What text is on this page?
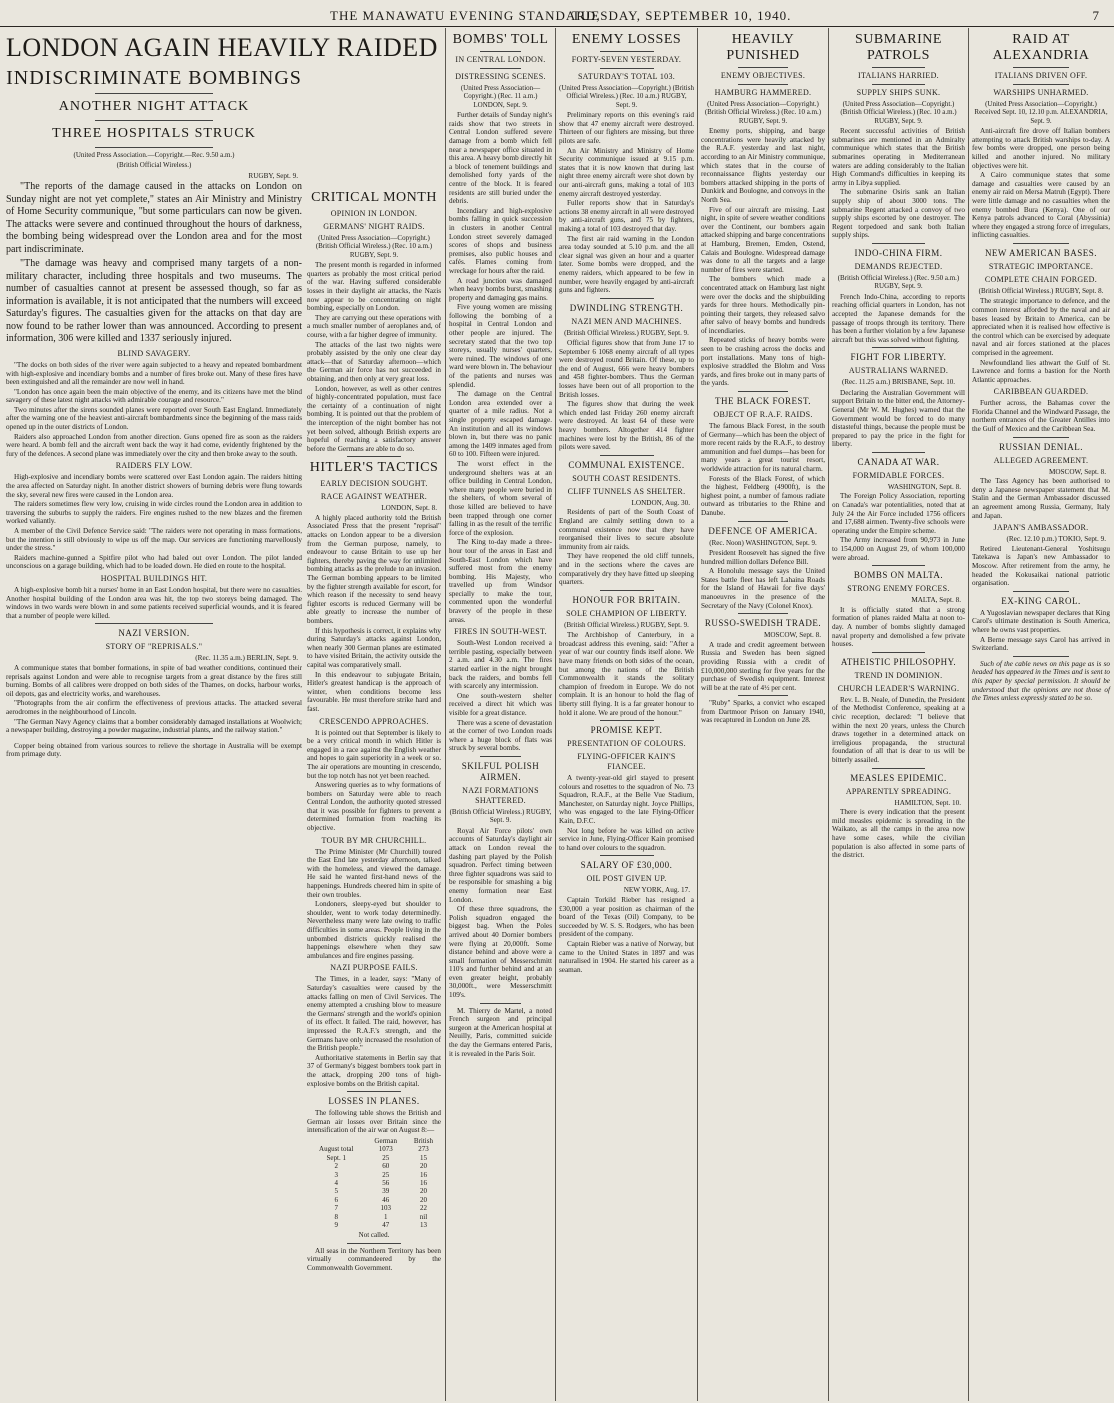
THE MANAWATU EVENING STANDARD,
TUESDAY, SEPTEMBER 10, 1940.	7
LONDON AGAIN HEAVILY RAIDED
INDISCRIMINATE BOMBINGS
ANOTHER NIGHT ATTACK
THREE HOSPITALS STRUCK
(United Press Association.—Copyright.—Rec. 9.50 a.m.)
(British Official Wireless.)
RUGBY, Sept. 9.

"The reports of the damage caused in the attacks on London on Sunday night are not yet complete," states an Air Ministry and Ministry of Home Security communique, "but some particulars can now be given. The attacks were severe and continued throughout the hours of darkness, the bombing being widespread over the London area and for the most part indiscriminate.

"The damage was heavy and comprised many targets of a non-military character, including three hospitals and two museums. The number of casualties cannot at present be assessed though, so far as information is available, it is not anticipated that the numbers will exceed Saturday's figures. The casualties given for the attacks on that day are now found to be rather lower than was announced. According to present information, 306 were killed and 1337 seriously injured.

BLIND SAVAGERY.

"The docks on both sides of the river were again subjected to a heavy and repeated bombardment with high-explosive and incendiary bombs and a number of fires broke out. Many of these fires have been extinguished and all the remainder are now well in hand.

"London has once again been the main objective of the enemy, and its citizens have met the blind savagery of these latest night attacks with admirable courage and resource."

Two minutes after the sirens sounded planes were reported over South East England. Immediately after the warning one of the heaviest anti-aircraft bombardments since the beginning of the mass raids opened up in the outer districts of London.

Raiders also approached London from another direction. Guns opened fire as soon as the raiders were heard. A bomb fell and the aircraft went back the way it had come, evidently frightened by the fury of the defences. A second plane was immediately over the city and then broke away to the south.

RAIDERS FLY LOW.

High-explosive and incendiary bombs were scattered over East London again. The raiders hitting the area affected on Saturday night. In another district showers of burning debris were flung towards the sky, several new fires were caused in the London area.

The raiders sometimes flew very low, cruising in wide circles round the London area in addition to traversing the suburbs to supply the raiders. Fire engines rushed to the new blazes and the firemen worked valiantly.

A member of the Civil Defence Service said: "The raiders were not operating in mass formations, but the intention is still obviously to wipe us off the map. Our services are functioning marvellously under the stress."

Raiders machine-gunned a Spitfire pilot who had baled out over London. The pilot landed unconscious on a garage building, which had to be loaded down. He died en route to the hospital.

HOSPITAL BUILDINGS HIT.

A high-explosive bomb hit a nurses' home in an East London hospital, but there were no casualties. Another hospital building of the London area was hit, the top two storeys being damaged. The windows in two wards were blown in and some patients received superficial wounds, and it is feared that a number of people were killed.

NAZI VERSION.
STORY OF "REPRISALS."
(Rec. 11.35 a.m.) BERLIN, Sept. 9.

A communique states that bomber formations, in spite of bad weather conditions, continued their reprisals against London and were able to recognise targets from a great distance by the fires still burning. Bombs of all calibres were dropped on both sides of the Thames, on docks, harbour works, oil depots, gas and electricity works, and warehouses.

"Photographs from the air confirm the effectiveness of previous attacks. The attacked several aerodromes in the neighbourhood of Lincoln.

"The German Navy Agency claims that a bomber considerably damaged installations at Woolwich; a newspaper building, destroying a powder magazine, industrial plants, and the railway station."

Copper being obtained from various sources to relieve the shortage in Australia will be exempt from primage duty.

CRITICAL MONTH
OPINION IN LONDON.
GERMANS' NIGHT RAIDS.
(United Press Association—Copyright.) (British Official Wireless.) (Rec. 10 a.m.) RUGBY, Sept. 9.

The present month is regarded in informed quarters as probably the most critical period of the war. Having suffered considerable losses in their daylight air attacks, the Nazis now appear to be concentrating on night bombing, especially on London.

They are carrying out these operations with a much smaller number of aeroplanes and, of course, with a far higher degree of immunity.

The attacks of the last two nights were probably assisted by the only one clear day attack—that of Saturday afternoon—which the German air force has not succeeded in obtaining, and then only at very great loss.

London, however, as well as other centres of highly-concentrated population, must face the certainty of a continuation of night bombing. It is pointed out that the problem of the interception of the night bomber has not yet been solved, although British experts are hopeful of reaching a satisfactory answer before the Germans are able to do so.

HITLER'S TACTICS
EARLY DECISION SOUGHT.
RACE AGAINST WEATHER.
LONDON, Sept. 8.

A highly placed authority told the British Associated Press that the present "reprisal" attacks on London appear to be a diversion from the German purpose, namely, to endeavour to cause Britain to use up her fighters, thereby paving the way for unlimited bombing attacks as the prelude to an invasion. The German bombing appears to be limited by the fighter strength available for escort, for which reason if the necessity to send heavy fighter escorts is reduced Germany will be able greatly to increase the number of bombers.

If this hypothesis is correct, it explains why during Saturday's attacks against London, when nearly 300 German planes are estimated to have visited Britain, the activity outside the capital was comparatively small.

In this endeavour to subjugate Britain, Hitler's greatest handicap is the approach of winter, when conditions become less favourable. He must therefore strike hard and fast.

CRESCENDO APPROACHES.

It is pointed out that September is likely to be a very critical month in which Hitler is engaged in a race against the English weather and hopes to gain superiority in a week or so. The air operations are mounting in crescendo, but the top notch has not yet been reached.

Answering queries as to why formations of bombers on Saturday were able to reach Central London, the authority quoted stressed that it was possible for fighters to prevent a determined formation from reaching its objective.

TOUR BY MR CHURCHILL.

The Prime Minister (Mr Churchill) toured the East End late yesterday afternoon, talked with the homeless, and viewed the damage. He said he wanted first-hand news of the happenings. Hundreds cheered him in spite of their own troubles.

Londoners, sleepy-eyed but shoulder to shoulder, went to work today determinedly. Nevertheless many were late owing to traffic difficulties in some areas. People living in the unbombed districts quickly realised the happenings elsewhere when they saw ambulances and fire engines passing.

NAZI PURPOSE FAILS.

The Times, in a leader, says: "Many of Saturday's casualties were caused by the attacks falling on men of Civil Services. The enemy attempted a crushing blow to measure the Germans' strength and the world's opinion of its effect. It failed. The raid, however, has impressed the R.A.F.'s strength, and the Germans have only increased the resolution of the British people."

Authoritative statements in Berlin say that 37 of Germany's biggest bombers took part in the attack, dropping 200 tons of high-explosive bombs on the British capital.

LOSSES IN PLANES.

The following table shows the British and German air losses over Britain since the intensification of the air war on August 8:—

	German	British
August total	1073	273
Sept. 1	25	15
2	60	20
3	25	16
4	56	16
5	39	20
6	46	20
7	103	22
8	1	nil
9	47	13
Not called.

All seas in the Northern Territory has been virtually commandeered by the Commonwealth Government.

BOMBS' TOLL
IN CENTRAL LONDON.
DISTRESSING SCENES.
(United Press Association—Copyright.) (Rec. 11 a.m.) LONDON, Sept. 9.

Further details of Sunday night's raids show that two streets in Central London suffered severe damage from a bomb which fell near a newspaper office situated in this area. A heavy bomb directly hit a block of tenement buildings and demolished forty yards of the centre of the block. It is feared residents are still buried under the debris.

Incendiary and high-explosive bombs falling in quick succession in clusters in another Central London street severely damaged scores of shops and business premises, also public houses and cafés. Flames coming from wreckage for hours after the raid.

A road junction was damaged when heavy bombs burst, smashing property and damaging gas mains.

Five young women are missing following the bombing of a hospital in Central London and other people are injured. The secretary stated that the two top storeys, usually nurses' quarters, were ruined. The windows of one ward were blown in. The behaviour of the patients and nurses was splendid.

The damage on the Central London area extended over a quarter of a mile radius. Not a single property escaped damage. An institution and all its windows blown in, but there was no panic among the 1409 inmates aged from 60 to 100. Fifteen were injured.

The worst effect in the underground shelters was at an office building in Central London, where many people were buried in the shelters, of whom several of those killed are believed to have been trapped through one corner falling in as the result of the terrific force of the explosion.

The King to-day made a three-hour tour of the areas in East and South-East London which have suffered most from the enemy bombing. His Majesty, who travelled up from Windsor specially to make the tour, commented upon the wonderful bravery of the people in these areas.

FIRES IN SOUTH-WEST.

South-West London received a terrible pasting, especially between 2 a.m. and 4.30 a.m. The fires started earlier in the night brought back the raiders, and bombs fell with scarcely any intermission.

One south-western shelter received a direct hit which was visible for a great distance.

There was a scene of devastation at the corner of two London roads where a huge block of flats was struck by several bombs.

SKILFUL POLISH AIRMEN.
NAZI FORMATIONS SHATTERED.
(British Official Wireless.) RUGBY, Sept. 9.

Royal Air Force pilots' own accounts of Saturday's daylight air attack on London reveal the dashing part played by the Polish squadron. Perfect timing between three fighter squadrons was said to be responsible for smashing a big enemy formation near East London.

Of these three squadrons, the Polish squadron engaged the biggest bag. When the Poles arrived about 40 Dornier bombers were flying at 20,000ft. Some distance behind and above were a small formation of Messerschmitt 110's and further behind and at an even greater height, probably 30,000ft., were Messerschmitt 109's.

M. Thierry de Martel, a noted French surgeon and principal surgeon at the American hospital at Neuilly, Paris, committed suicide the day the Germans entered Paris, it is revealed in the Paris Soir.

ENEMY LOSSES
FORTY-SEVEN YESTERDAY.
SATURDAY'S TOTAL 103.
(United Press Association—Copyright.) (British Official Wireless.) (Rec. 10 a.m.) RUGBY, Sept. 9.

Preliminary reports on this evening's raid show that 47 enemy aircraft were destroyed. Thirteen of our fighters are missing, but three pilots are safe.

An Air Ministry and Ministry of Home Security communique issued at 9.15 p.m. states that it is now known that during last night three enemy aircraft were shot down by our anti-aircraft guns, making a total of 103 enemy aircraft destroyed yesterday.

Fuller reports show that in Saturday's actions 38 enemy aircraft in all were destroyed by anti-aircraft guns, and 75 by fighters, making a total of 103 destroyed that day.

The first air raid warning in the London area today sounded at 5.10 p.m. and the all clear signal was given an hour and a quarter later. Some bombs were dropped, and the enemy raiders, which appeared to be few in number, were heavily engaged by anti-aircraft guns and fighters.

DWINDLING STRENGTH.
NAZI MEN AND MACHINES.
(British Official Wireless.) RUGBY, Sept. 9.

Official figures show that from June 17 to September 6 1068 enemy aircraft of all types were destroyed round Britain. Of these, up to the end of August, 666 were heavy bombers and 458 fighter-bombers. Thus the German losses have been out of all proportion to the British losses.

The figures show that during the week which ended last Friday 260 enemy aircraft were destroyed. At least 64 of these were heavy bombers. Altogether 414 fighter machines were lost by the British, 86 of the pilots were saved.

COMMUNAL EXISTENCE.
SOUTH COAST RESIDENTS.
CLIFF TUNNELS AS SHELTER.
LONDON, Aug. 30.

Residents of part of the South Coast of England are calmly settling down to a communal existence now that they have reorganised their lives to secure absolute immunity from air raids.

They have reopened the old cliff tunnels, and in the sections where the caves are comparatively dry they have fitted up sleeping quarters.

HONOUR FOR BRITAIN.
SOLE CHAMPION OF LIBERTY.
(British Official Wireless.) RUGBY, Sept. 9.

The Archbishop of Canterbury, in a broadcast address this evening, said: "After a year of war our country finds itself alone. We have many friends on both sides of the ocean, but among the nations of the British Commonwealth it stands the solitary champion of freedom in Europe. We do not complain. It is an honour to hold the flag of liberty still flying. It is a far greater honour to hold it alone. We are proud of the honour."

PROMISE KEPT.
PRESENTATION OF COLOURS.
FLYING-OFFICER KAIN'S FIANCEE.

A twenty-year-old girl stayed to present colours and rosettes to the squadron of No. 73 Squadron, R.A.F., at the Belle Vue Stadium, Manchester, on Saturday night. Joyce Phillips, who was engaged to the late Flying-Officer Kain, D.F.C.

Not long before he was killed on active service in June, Flying-Officer Kain promised to hand over colours to the squadron.

SALARY OF £30,000.
OIL POST GIVEN UP.
NEW YORK, Aug. 17.

Captain Torkild Rieber has resigned a £30,000 a year position as chairman of the board of the Texas (Oil) Company, to be succeeded by W. S. S. Rodgers, who has been president of the company.

Captain Rieber was a native of Norway, but came to the United States in 1897 and was naturalised in 1904. He started his career as a seaman.

HEAVILY PUNISHED
ENEMY OBJECTIVES.
HAMBURG HAMMERED.
(United Press Association—Copyright.) (British Official Wireless.) (Rec. 10 a.m.) RUGBY, Sept. 9.

Enemy ports, shipping, and barge concentrations were heavily attacked by the R.A.F. yesterday and last night, according to an Air Ministry communique, which states that in the course of reconnaissance flights yesterday our bombers attacked shipping in the ports of Dunkirk and Boulogne, and convoys in the North Sea.

Five of our aircraft are missing. Last night, in spite of severe weather conditions over the Continent, our bombers again attacked shipping and barge concentrations at Hamburg, Bremen, Emden, Ostend, Calais and Boulogne. Widespread damage was done to all the targets and a large number of fires were started.

The bombers which made a concentrated attack on Hamburg last night were over the docks and the shipbuilding yards for three hours. Methodically pin-pointing their targets, they released salvo after salvo of heavy bombs and hundreds of incendiaries.

Repeated sticks of heavy bombs were seen to be crashing across the docks and port installations. Many tons of high-explosive straddled the Blohm and Voss yards, and fires broke out in many parts of the yards.

THE BLACK FOREST.
OBJECT OF R.A.F. RAIDS.

The famous Black Forest, in the south of Germany—which has been the object of more recent raids by the R.A.F., to destroy ammunition and fuel dumps—has been for many years a great tourist resort, worldwide attraction for its natural charm.

Forests of the Black Forest, of which the highest, Feldberg (4900ft), is the highest point, a number of famous radiate outward as tributaries to the Rhine and Danube.

DEFENCE OF AMERICA.
(Rec. Noon) WASHINGTON, Sept. 9.

President Roosevelt has signed the five hundred million dollars Defence Bill.

A Honolulu message says the United States battle fleet has left Lahaina Roads for the Island of Hawaii for five days' manoeuvres in the presence of the Secretary of the Navy (Colonel Knox).

RUSSO-SWEDISH TRADE.
MOSCOW, Sept. 8.

A trade and credit agreement between Russia and Sweden has been signed providing Russia with a credit of £10,000,000 sterling for five years for the purchase of Swedish equipment. Interest will be at the rate of 4½ per cent.

"Ruby" Sparks, a convict who escaped from Dartmoor Prison on January 1940, was recaptured in London on June 28.

SUBMARINE PATROLS
ITALIANS HARRIED.
SUPPLY SHIPS SUNK.
(United Press Association—Copyright.) (British Official Wireless.) (Rec. 10 a.m.) RUGBY, Sept. 9.

Recent successful activities of British submarines are mentioned in an Admiralty communique which states that the British submarines operating in Mediterranean waters are adding considerably to the Italian High Command's difficulties in keeping its army in Libya supplied.

The submarine Osiris sank an Italian supply ship of about 3000 tons. The submarine Regent attacked a convoy of two supply ships escorted by one destroyer. The Regent torpedoed and sank both Italian supply ships.

INDO-CHINA FIRM.
DEMANDS REJECTED.
(British Official Wireless.) (Rec. 9.50 a.m.) RUGBY, Sept. 9.

French Indo-China, according to reports reaching official quarters in London, has not accepted the Japanese demands for the passage of troops through its territory. There has been a further violation by a few Japanese aircraft but this was solved without fighting.

FIGHT FOR LIBERTY.
AUSTRALIANS WARNED.
(Rec. 11.25 a.m.) BRISBANE, Sept. 10.

Declaring the Australian Government will support Britain to the bitter end, the Attorney-General (Mr W. M. Hughes) warned that the Government would be forced to do many distasteful things, because the people must be prepared to pay the price in the fight for liberty.

CANADA AT WAR.
FORMIDABLE FORCES.
WASHINGTON, Sept. 8.

The Foreign Policy Association, reporting on Canada's war potentialities, noted that at July 24 the Air Force included 1756 officers and 17,688 airmen. Twenty-five schools were operating under the Empire scheme.

The Army increased from 90,973 in June to 154,000 on August 29, of whom 100,000 were abroad.

BOMBS ON MALTA.
STRONG ENEMY FORCES.
MALTA, Sept. 8.

It is officially stated that a strong formation of planes raided Malta at noon to-day. A number of bombs slightly damaged naval property and demolished a few private houses.

ATHEISTIC PHILOSOPHY.
TREND IN DOMINION.
CHURCH LEADER'S WARNING.

Rev. L. B. Neale, of Dunedin, the President of the Methodist Conference, speaking at a civic reception, declared: "I believe that within the next 20 years, unless the Church draws together in a determined attack on irreligious propaganda, the structural foundation of all that is dear to us will be bitterly assailed.

MEASLES EPIDEMIC.
APPARENTLY SPREADING.
HAMILTON, Sept. 10.

There is every indication that the present mild measles epidemic is spreading in the Waikato, as all the camps in the area now have some cases, while the civilian population is also affected in some parts of the district.

RAID AT ALEXANDRIA
ITALIANS DRIVEN OFF.
WARSHIPS UNHARMED.
(United Press Association—Copyright.) Received Sept. 10, 12.10 p.m. ALEXANDRIA, Sept. 9.

Anti-aircraft fire drove off Italian bombers attempting to attack British warships to-day. A few bombs were dropped, one person being killed and another injured. No military objectives were hit.

A Cairo communique states that some damage and casualties were caused by an enemy air raid on Mersa Matruh (Egypt). There were little damage and no casualties when the enemy bombed Bura (Kenya). One of our Kenya patrols advanced to Coral (Abyssinia) where they engaged a strong force of irregulars, inflicting casualties.

NEW AMERICAN BASES.
STRATEGIC IMPORTANCE.
COMPLETE CHAIN FORGED.
(British Official Wireless.) RUGBY, Sept. 8.

The strategic importance to defence, and the common interest afforded by the naval and air bases leased by Britain to America, can be appreciated when it is realised how effective is the control which can be exercised by adequate naval and air forces stationed at the places comprised in the agreement.

Newfoundland lies athwart the Gulf of St. Lawrence and forms a bastion for the North Atlantic approaches.

CARIBBEAN GUARDED.

Further across, the Bahamas cover the Florida Channel and the Windward Passage, the northern entrances of the Greater Antilles into the Gulf of Mexico and the Caribbean Sea.

RUSSIAN DENIAL.
ALLEGED AGREEMENT.
MOSCOW, Sept. 8.

The Tass Agency has been authorised to deny a Japanese newspaper statement that M. Stalin and the German Ambassador discussed an agreement among Russia, Germany, Italy and Japan.

JAPAN'S AMBASSADOR.
(Rec. 12.10 p.m.) TOKIO, Sept. 9.

Retired Lieutenant-General Yoshitsugu Tatekawa is Japan's new Ambassador to Moscow. After retirement from the army, he headed the Kokusaikai national patriotic organisation.

EX-KING CAROL.

A Yugoslavian newspaper declares that King Carol's ultimate destination is South America, where he owns vast properties.

A Berne message says Carol has arrived in Switzerland.

Such of the cable news on this page as is so headed has appeared in the Times and is sent to this paper by special permission. It should be understood that the opinions are not those of the Times unless expressly stated to be so.
